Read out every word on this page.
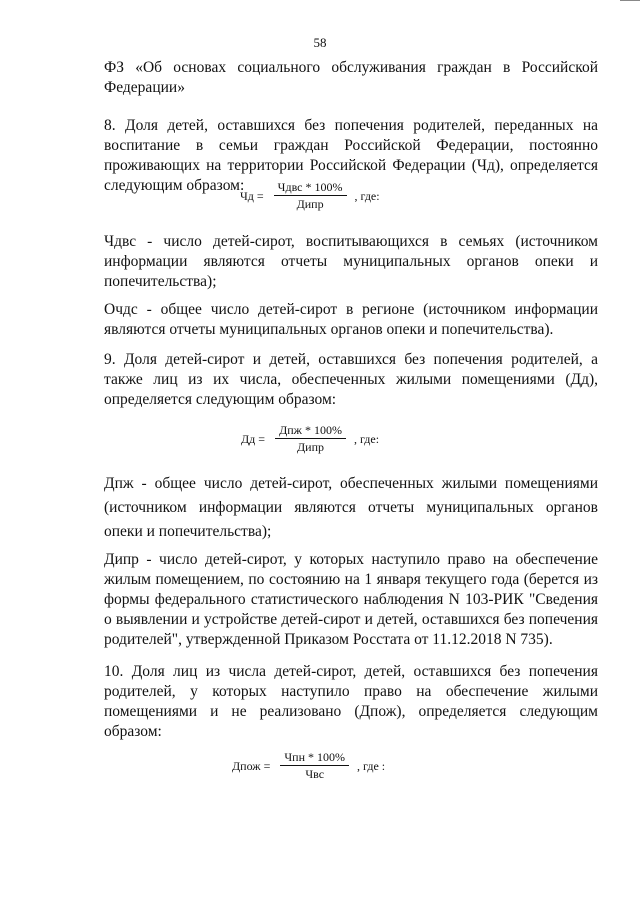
58
ФЗ «Об основах социального обслуживания граждан в Российской Федерации»
8. Доля детей, оставшихся без попечения родителей, переданных на воспитание в семьи граждан Российской Федерации, постоянно проживающих на территории Российской Федерации (Чд), определяется следующим образом:
Чд = $\frac{\text{Чдвс * 100\%}}{\text{Дипр}}$ , где:
Чдвс - число детей-сирот, воспитывающихся в семьях (источником информации являются отчеты муниципальных органов опеки и попечительства);
Очдс - общее число детей-сирот в регионе (источником информации являются отчеты муниципальных органов опеки и попечительства).
9. Доля детей-сирот и детей, оставшихся без попечения родителей, а также лиц из их числа, обеспеченных жилыми помещениями (Дд), определяется следующим образом:
Дд = $\frac{\text{Дпж * 100\%}}{\text{Дипр}}$ , где:
Дпж - общее число детей-сирот, обеспеченных жилыми помещениями (источником информации являются отчеты муниципальных органов опеки и попечительства);
Дипр - число детей-сирот, у которых наступило право на обеспечение жилым помещением, по состоянию на 1 января текущего года (берется из формы федерального статистического наблюдения N 103-РИК "Сведения о выявлении и устройстве детей-сирот и детей, оставшихся без попечения родителей", утвержденной Приказом Росстата от 11.12.2018 N 735).
10. Доля лиц из числа детей-сирот, детей, оставшихся без попечения родителей, у которых наступило право на обеспечение жилыми помещениями и не реализовано (Дпож), определяется следующим образом:
Дпож = $\frac{\text{Чпн * 100\%}}{\text{Чвс}}$ , где :
